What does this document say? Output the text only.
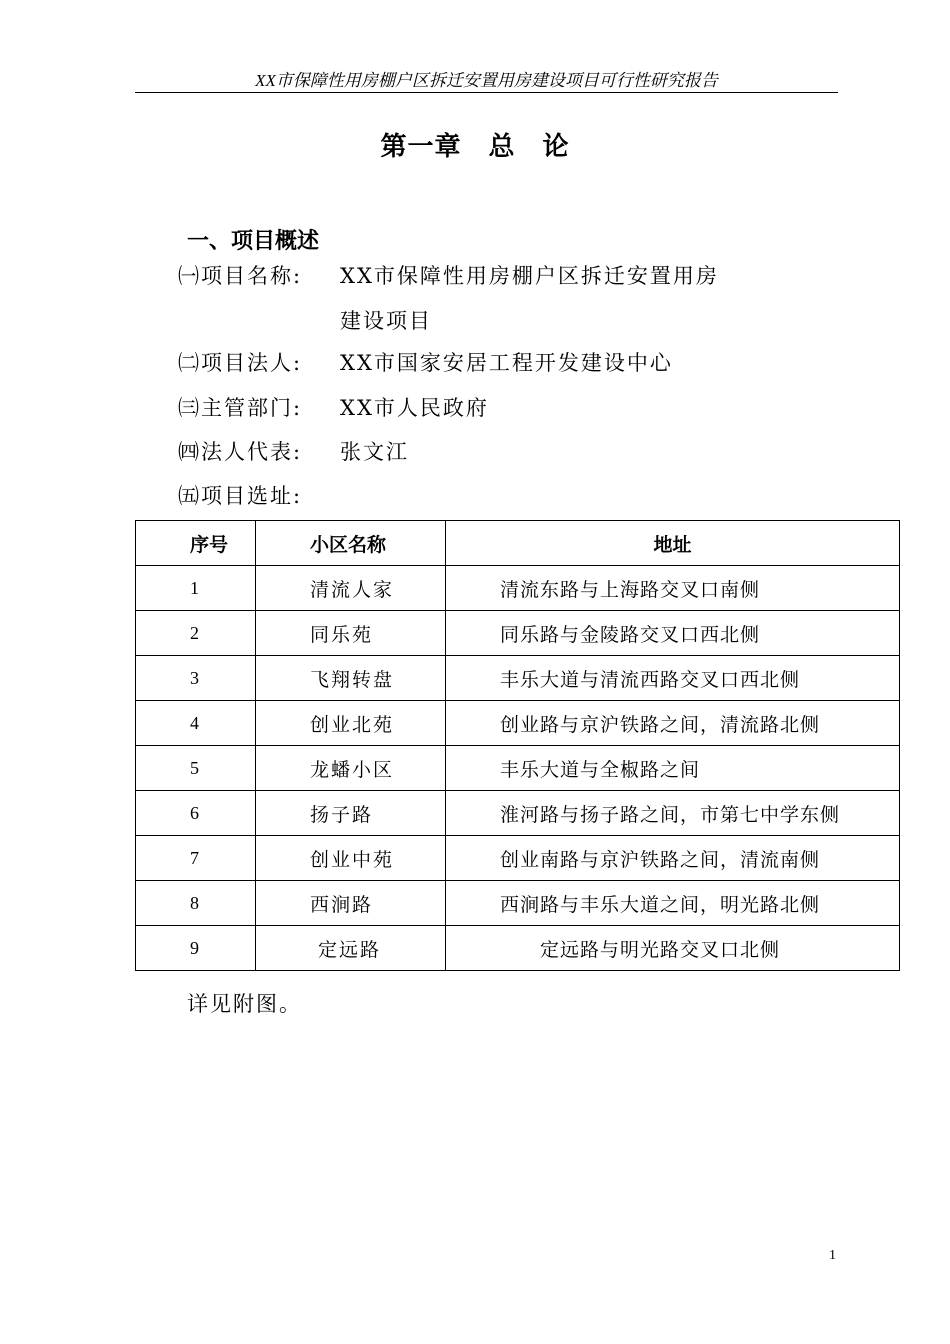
XX市保障性用房棚户区拆迁安置用房建设项目可行性研究报告
第一章　总　论
一、项目概述
㈠项目名称: XX市保障性用房棚户区拆迁安置用房
建设项目
㈡项目法人: XX市国家安居工程开发建设中心
㈢主管部门: XX市人民政府
㈣法人代表: 张文江
㈤项目选址:
序号	小区名称	地址
1	清流人家	清流东路与上海路交叉口南侧
2	同乐苑	同乐路与金陵路交叉口西北侧
3	飞翔转盘	丰乐大道与清流西路交叉口西北侧
4	创业北苑	创业路与京沪铁路之间，清流路北侧
5	龙蟠小区	丰乐大道与全椒路之间
6	扬子路	淮河路与扬子路之间，市第七中学东侧
7	创业中苑	创业南路与京沪铁路之间，清流南侧
8	西涧路	西涧路与丰乐大道之间，明光路北侧
9	定远路	定远路与明光路交叉口北侧
详见附图。
1
